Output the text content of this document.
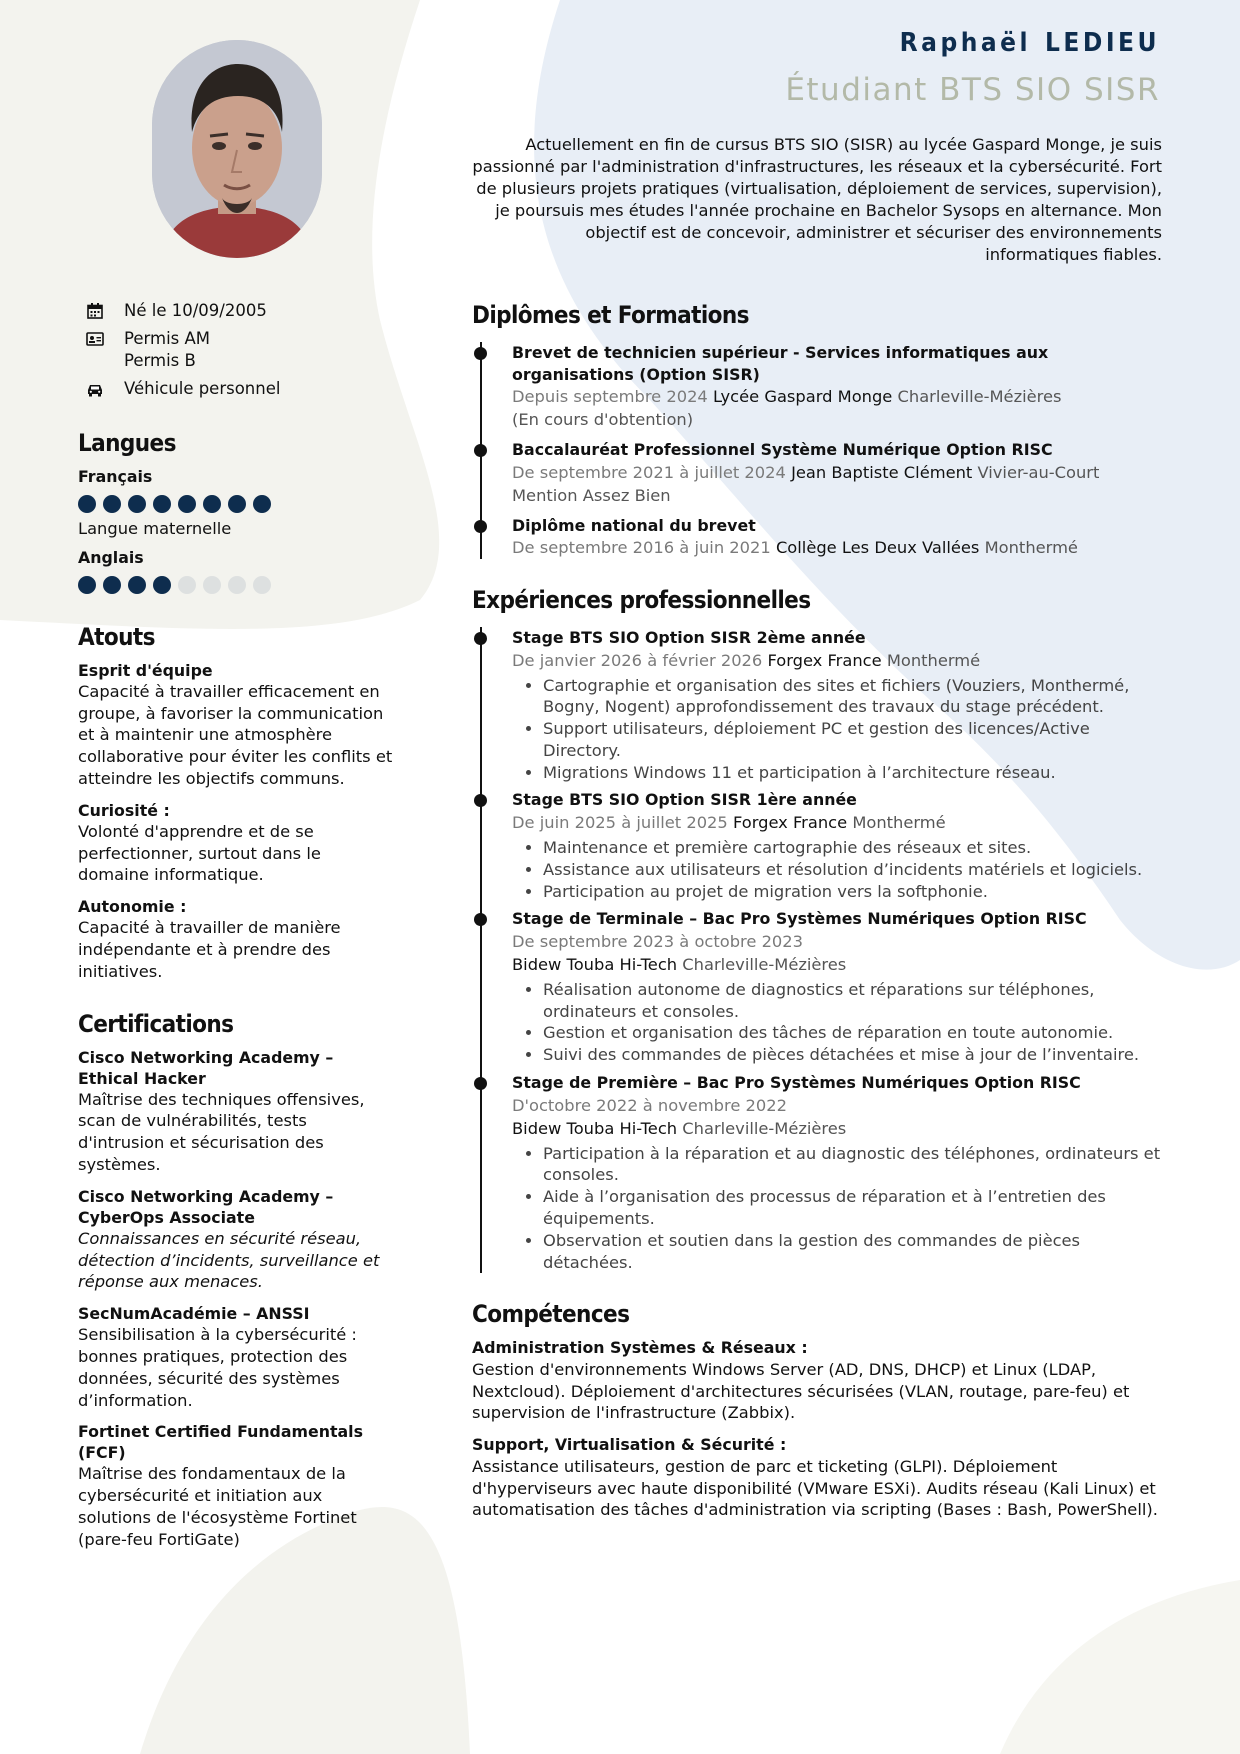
Raphaël LEDIEU
Étudiant BTS SIO SISR
Actuellement en fin de cursus BTS SIO (SISR) au lycée Gaspard Monge, je suis passionné par l'administration d'infrastructures, les réseaux et la cybersécurité. Fort de plusieurs projets pratiques (virtualisation, déploiement de services, supervision), je poursuis mes études l'année prochaine en Bachelor Sysops en alternance. Mon objectif est de concevoir, administrer et sécuriser des environnements informatiques fiables.
Né le 10/09/2005
Permis AM
Permis B
Véhicule personnel
Langues
Français
Langue maternelle
Anglais
Atouts
Esprit d'équipe
Capacité à travailler efficacement en groupe, à favoriser la communication et à maintenir une atmosphère collaborative pour éviter les conflits et atteindre les objectifs communs.
Curiosité :
Volonté d'apprendre et de se perfectionner, surtout dans le domaine informatique.
Autonomie :
Capacité à travailler de manière indépendante et à prendre des initiatives.
Certifications
Cisco Networking Academy – Ethical Hacker
Maîtrise des techniques offensives, scan de vulnérabilités, tests d'intrusion et sécurisation des systèmes.
Cisco Networking Academy – CyberOps Associate
Connaissances en sécurité réseau, détection d’incidents, surveillance et réponse aux menaces.
SecNumAcadémie – ANSSI
Sensibilisation à la cybersécurité : bonnes pratiques, protection des données, sécurité des systèmes d’information.
Fortinet Certified Fundamentals (FCF)
Maîtrise des fondamentaux de la cybersécurité et initiation aux solutions de l'écosystème Fortinet (pare-feu FortiGate)
Diplômes et Formations
Brevet de technicien supérieur - Services informatiques aux organisations (Option SISR)
Depuis septembre 2024 Lycée Gaspard Monge Charleville-Mézières
(En cours d'obtention)
Baccalauréat Professionnel Système Numérique Option RISC
De septembre 2021 à juillet 2024 Jean Baptiste Clément Vivier-au-Court
Mention Assez Bien
Diplôme national du brevet
De septembre 2016 à juin 2021 Collège Les Deux Vallées Monthermé
Expériences professionnelles
Stage BTS SIO Option SISR 2ème année
De janvier 2026 à février 2026 Forgex France Monthermé
• Cartographie et organisation des sites et fichiers (Vouziers, Monthermé, Bogny, Nogent) approfondissement des travaux du stage précédent.
• Support utilisateurs, déploiement PC et gestion des licences/Active Directory.
• Migrations Windows 11 et participation à l’architecture réseau.
Stage BTS SIO Option SISR 1ère année
De juin 2025 à juillet 2025 Forgex France Monthermé
• Maintenance et première cartographie des réseaux et sites.
• Assistance aux utilisateurs et résolution d’incidents matériels et logiciels.
• Participation au projet de migration vers la softphonie.
Stage de Terminale – Bac Pro Systèmes Numériques Option RISC
De septembre 2023 à octobre 2023
Bidew Touba Hi-Tech Charleville-Mézières
• Réalisation autonome de diagnostics et réparations sur téléphones, ordinateurs et consoles.
• Gestion et organisation des tâches de réparation en toute autonomie.
• Suivi des commandes de pièces détachées et mise à jour de l’inventaire.
Stage de Première – Bac Pro Systèmes Numériques Option RISC
D'octobre 2022 à novembre 2022
Bidew Touba Hi-Tech Charleville-Mézières
• Participation à la réparation et au diagnostic des téléphones, ordinateurs et consoles.
• Aide à l’organisation des processus de réparation et à l’entretien des équipements.
• Observation et soutien dans la gestion des commandes de pièces détachées.
Compétences
Administration Systèmes & Réseaux :
Gestion d'environnements Windows Server (AD, DNS, DHCP) et Linux (LDAP, Nextcloud). Déploiement d'architectures sécurisées (VLAN, routage, pare-feu) et supervision de l'infrastructure (Zabbix).
Support, Virtualisation & Sécurité :
Assistance utilisateurs, gestion de parc et ticketing (GLPI). Déploiement d'hyperviseurs avec haute disponibilité (VMware ESXi). Audits réseau (Kali Linux) et automatisation des tâches d'administration via scripting (Bases : Bash, PowerShell).
